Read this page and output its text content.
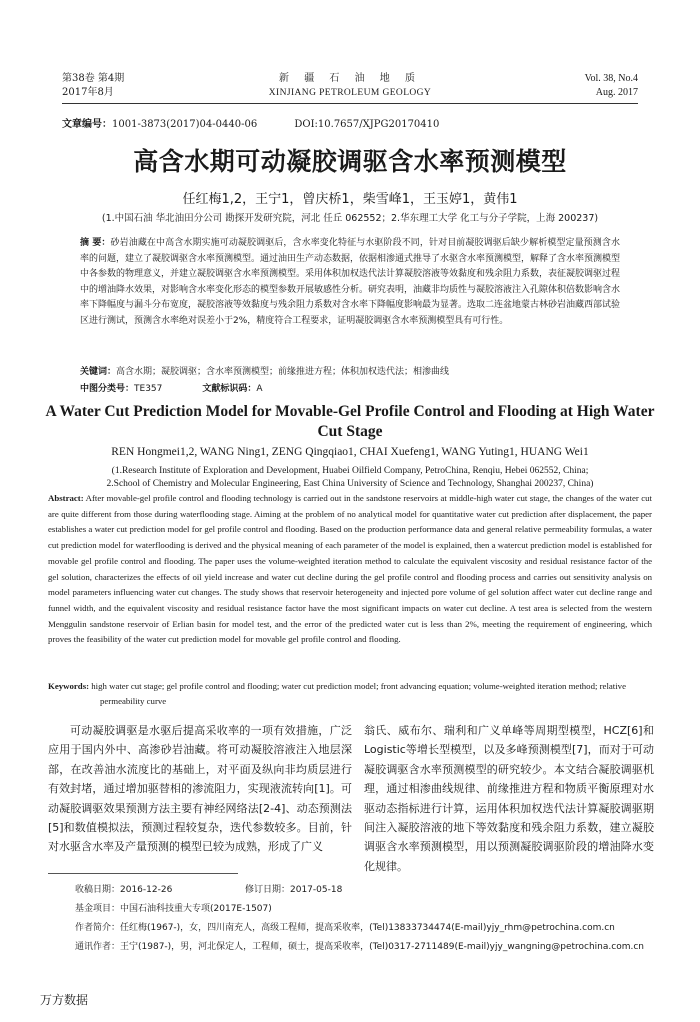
第38卷 第4期
2017年8月
新 疆 石 油 地 质
XINJIANG PETROLEUM GEOLOGY
Vol. 38, No.4
Aug. 2017
文章编号：1001-3873(2017)04-0440-06	DOI:10.7657/XJPG20170410
高含水期可动凝胶调驱含水率预测模型
任红梅1,2，王宁1，曾庆桥1，柴雪峰1，王玉婷1，黄伟1
(1.中国石油 华北油田分公司 勘探开发研究院，河北 任丘 062552；2.华东理工大学 化工与分子学院，上海 200237)
摘 要：砂岩油藏在中高含水期实施可动凝胶调驱后，含水率变化特征与水驱阶段不同，针对目前凝胶调驱后缺少解析模型定量预测含水率的问题，建立了凝胶调驱含水率预测模型。通过油田生产动态数据，依据相渗通式推导了水驱含水率预测模型，解释了含水率预测模型中各参数的物理意义，并建立凝胶调驱含水率预测模型。采用体积加权迭代法计算凝胶溶液等效黏度和残余阻力系数，表征凝胶调驱过程中的增油降水效果，对影响含水率变化形态的模型参数开展敏感性分析。研究表明，油藏非均质性与凝胶溶液注入孔隙体积倍数影响含水率下降幅度与漏斗分布宽度，凝胶溶液等效黏度与残余阻力系数对含水率下降幅度影响最为显著。选取二连盆地蒙古林砂岩油藏西部试验区进行测试，预测含水率绝对误差小于2%，精度符合工程要求，证明凝胶调驱含水率预测模型具有可行性。
关键词：高含水期；凝胶调驱；含水率预测模型；前缘推进方程；体积加权迭代法；相渗曲线
中图分类号：TE357	文献标识码：A
A Water Cut Prediction Model for Movable-Gel Profile Control and Flooding at High Water Cut Stage
REN Hongmei1,2, WANG Ning1, ZENG Qingqiao1, CHAI Xuefeng1, WANG Yuting1, HUANG Wei1
(1.Research Institute of Exploration and Development, Huabei Oilfield Company, PetroChina, Renqiu, Hebei 062552, China;
2.School of Chemistry and Molecular Engineering, East China University of Science and Technology, Shanghai 200237, China)
Abstract: After movable-gel profile control and flooding technology is carried out in the sandstone reservoirs at middle-high water cut stage, the changes of the water cut are quite different from those during waterflooding stage. Aiming at the problem of no analytical model for quantitative water cut prediction after displacement, the paper establishes a water cut prediction model for gel profile control and flooding. Based on the production performance data and general relative permeability formulas, a water cut prediction model for waterflooding is derived and the physical meaning of each parameter of the model is explained, then a watercut prediction model is established for movable gel profile control and flooding. The paper uses the volume-weighted iteration method to calculate the equivalent viscosity and residual resistance factor of the gel solution, characterizes the effects of oil yield increase and water cut decline during the gel profile control and flooding process and carries out sensitivity analysis on model parameters influencing water cut changes. The study shows that reservoir heterogeneity and injected pore volume of gel solution affect water cut decline range and funnel width, and the equivalent viscosity and residual resistance factor have the most significant impacts on water cut decline. A test area is selected from the western Menggulin sandstone reservoir of Erlian basin for model test, and the error of the predicted water cut is less than 2%, meeting the requirement of engineering, which proves the feasibility of the water cut prediction model for movable gel profile control and flooding.
Keywords: high water cut stage; gel profile control and flooding; water cut prediction model; front advancing equation; volume-weighted iteration method; relative permeability curve
可动凝胶调驱是水驱后提高采收率的一项有效措施，广泛应用于国内外中、高渗砂岩油藏。将可动凝胶溶液注入地层深部，在改善油水流度比的基础上，对平面及纵向非均质层进行有效封堵，通过增加驱替相的渗流阻力，实现液流转向[1]。可动凝胶调驱效果预测方法主要有神经网络法[2-4]、动态预测法[5]和数值模拟法，预测过程较复杂，迭代参数较多。目前，针对水驱含水率及产量预测的模型已较为成熟，形成了广义
翁氏、威布尔、瑞利和广义单峰等周期型模型，HCZ[6]和Logistic等增长型模型，以及多峰预测模型[7]，而对于可动凝胶调驱含水率预测模型的研究较少。本文结合凝胶调驱机理，通过相渗曲线规律、前缘推进方程和物质平衡原理对水驱动态指标进行计算，运用体积加权迭代法计算凝胶调驱期间注入凝胶溶液的地下等效黏度和残余阻力系数，建立凝胶调驱含水率预测模型，用以预测凝胶调驱阶段的增油降水变化规律。
收稿日期：2016-12-26	修订日期：2017-05-18
基金项目：中国石油科技重大专项(2017E-1507)
作者简介：任红梅(1967-)，女，四川南充人，高级工程师，提高采收率，(Tel)13833734474(E-mail)yjy_rhm@petrochina.com.cn
通讯作者：王宁(1987-)，男，河北保定人，工程师，硕士，提高采收率，(Tel)0317-2711489(E-mail)yjy_wangning@petrochina.com.cn
万方数据
